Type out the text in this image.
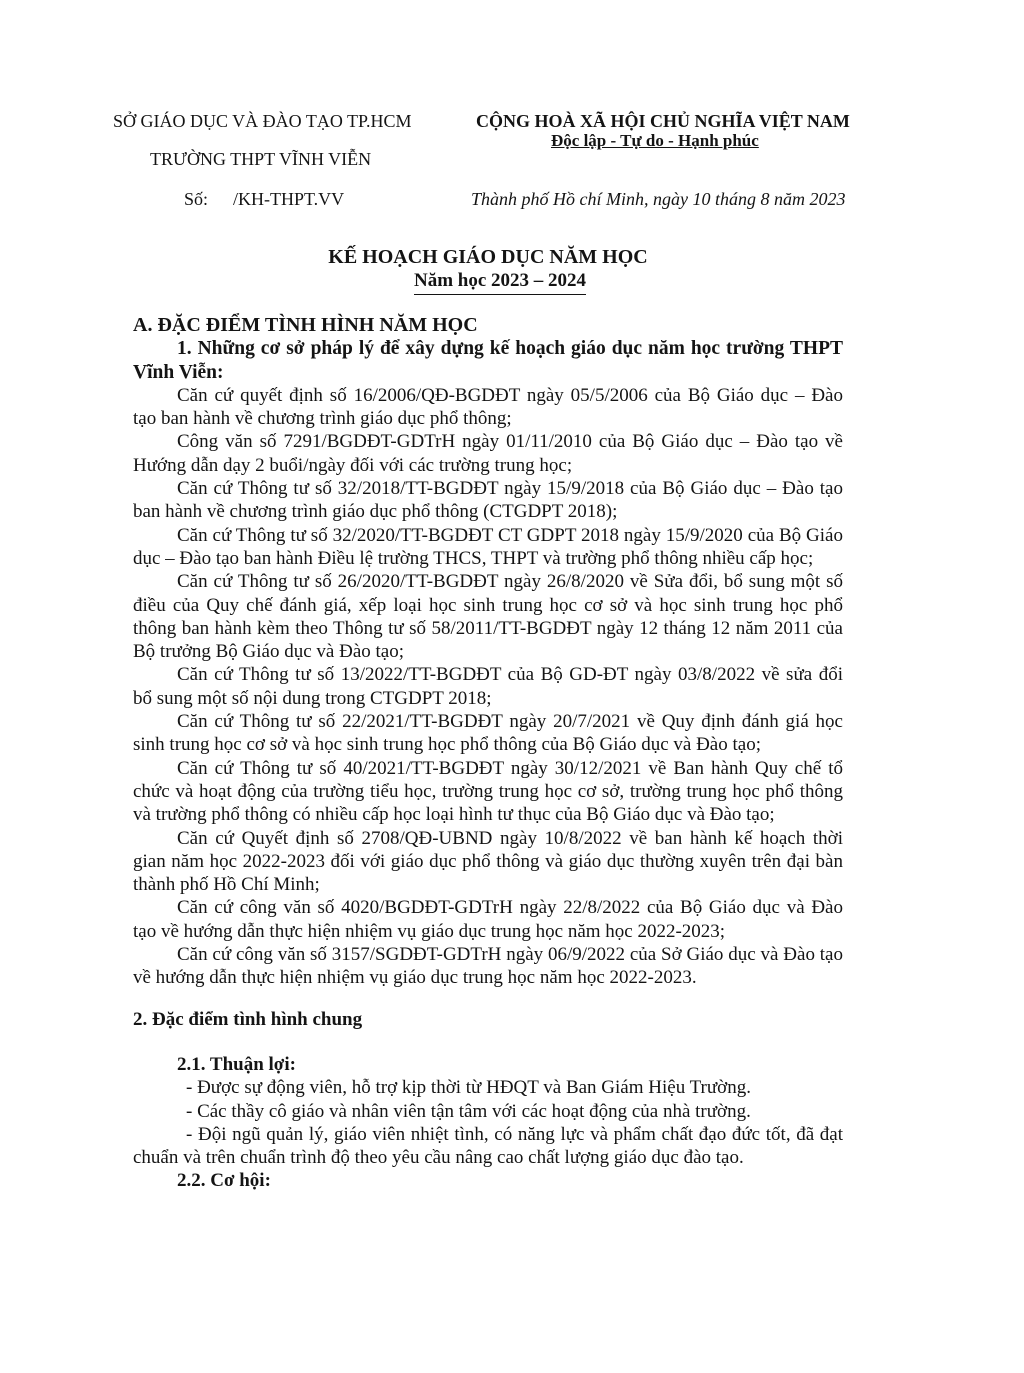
SỞ GIÁO DỤC VÀ ĐÀO TẠO TP.HCM
TRƯỜNG THPT VĨNH VIỄN
Số: /KH-THPT.VV
CỘNG HOÀ XÃ HỘI CHỦ NGHĨA VIỆT NAM
Độc lập - Tự do - Hạnh phúc
Thành phố Hồ chí Minh, ngày 10 tháng 8 năm 2023
KẾ HOẠCH GIÁO DỤC NĂM HỌC
Năm học 2023 – 2024

A. ĐẶC ĐIỂM TÌNH HÌNH NĂM HỌC

1. Những cơ sở pháp lý để xây dựng kế hoạch giáo dục năm học trường THPT Vĩnh Viễn:

Căn cứ quyết định số 16/2006/QĐ-BGDĐT ngày 05/5/2006 của Bộ Giáo dục – Đào tạo ban hành về chương trình giáo dục phổ thông;

Công văn số 7291/BGDĐT-GDTrH ngày 01/11/2010 của Bộ Giáo dục – Đào tạo về Hướng dẫn dạy 2 buổi/ngày đối với các trường trung học;

Căn cứ Thông tư số 32/2018/TT-BGDĐT ngày 15/9/2018 của Bộ Giáo dục – Đào tạo ban hành về chương trình giáo dục phổ thông (CTGDPT 2018);

Căn cứ Thông tư số 32/2020/TT-BGDĐT CT GDPT 2018 ngày 15/9/2020 của Bộ Giáo dục – Đào tạo ban hành Điều lệ trường THCS, THPT và trường phổ thông nhiều cấp học;

Căn cứ Thông tư số 26/2020/TT-BGDĐT ngày 26/8/2020 về Sửa đổi, bổ sung một số điều của Quy chế đánh giá, xếp loại học sinh trung học cơ sở và học sinh trung học phổ thông ban hành kèm theo Thông tư số 58/2011/TT-BGDĐT ngày 12 tháng 12 năm 2011 của Bộ trưởng Bộ Giáo dục và Đào tạo;

Căn cứ Thông tư số 13/2022/TT-BGDĐT của Bộ GD-ĐT ngày 03/8/2022 về sửa đổi bổ sung một số nội dung trong CTGDPT 2018;

Căn cứ Thông tư số 22/2021/TT-BGDĐT ngày 20/7/2021 về Quy định đánh giá học sinh trung học cơ sở và học sinh trung học phổ thông của Bộ Giáo dục và Đào tạo;

Căn cứ Thông tư số 40/2021/TT-BGDĐT ngày 30/12/2021 về Ban hành Quy chế tổ chức và hoạt động của trường tiểu học, trường trung học cơ sở, trường trung học phổ thông và trường phổ thông có nhiều cấp học loại hình tư thục của Bộ Giáo dục và Đào tạo;

Căn cứ Quyết định số 2708/QĐ-UBND ngày 10/8/2022 về ban hành kế hoạch thời gian năm học 2022-2023 đối với giáo dục phổ thông và giáo dục thường xuyên trên đại bàn thành phố Hồ Chí Minh;

Căn cứ công văn số 4020/BGDĐT-GDTrH ngày 22/8/2022 của Bộ Giáo dục và Đào tạo về hướng dẫn thực hiện nhiệm vụ giáo dục trung học năm học 2022-2023;

Căn cứ công văn số 3157/SGDĐT-GDTrH ngày 06/9/2022 của Sở Giáo dục và Đào tạo về hướng dẫn thực hiện nhiệm vụ giáo dục trung học năm học 2022-2023.

2. Đặc điểm tình hình chung

2.1. Thuận lợi:

- Được sự động viên, hỗ trợ kịp thời từ HĐQT và Ban Giám Hiệu Trường.

- Các thầy cô giáo và nhân viên tận tâm với các hoạt động của nhà trường.

- Đội ngũ quản lý, giáo viên nhiệt tình, có năng lực và phẩm chất đạo đức tốt, đã đạt chuẩn và trên chuẩn trình độ theo yêu cầu nâng cao chất lượng giáo dục đào tạo.

2.2. Cơ hội:
